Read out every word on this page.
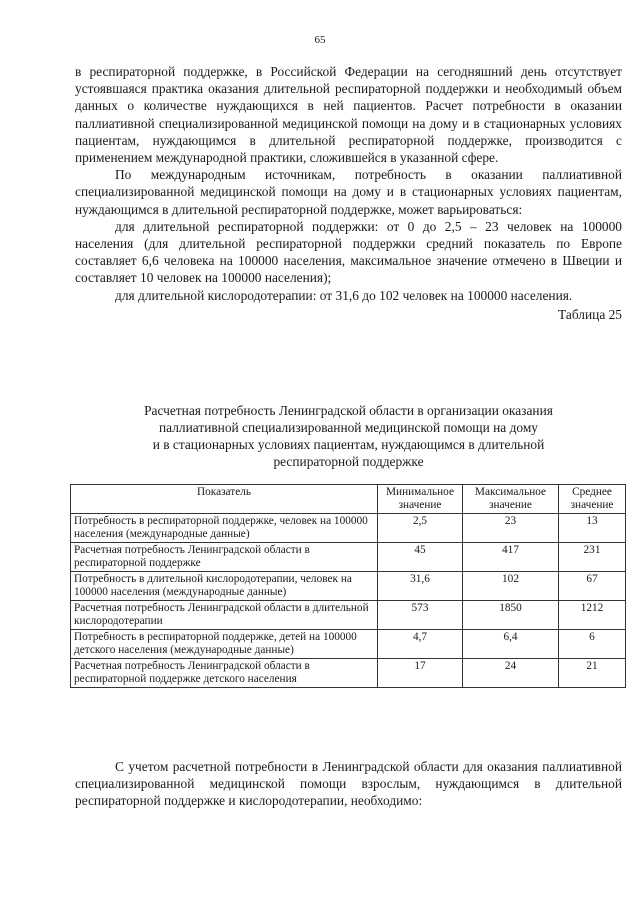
65

в респираторной поддержке, в Российской Федерации на сегодняшний день отсутствует устоявшаяся практика оказания длительной респираторной поддержки и необходимый объем данных о количестве нуждающихся в ней пациентов. Расчет потребности в оказании паллиативной специализированной медицинской помощи на дому и в стационарных условиях пациентам, нуждающимся в длительной респираторной поддержке, производится с применением международной практики, сложившейся в указанной сфере.

По международным источникам, потребность в оказании паллиативной специализированной медицинской помощи на дому и в стационарных условиях пациентам, нуждающимся в длительной респираторной поддержке, может варьироваться:

для длительной респираторной поддержки: от 0 до 2,5 – 23 человек на 100000 населения (для длительной респираторной поддержки средний показатель по Европе составляет 6,6 человека на 100000 населения, максимальное значение отмечено в Швеции и составляет 10 человек на 100000 населения);

для длительной кислородотерапии: от 31,6 до 102 человек на 100000 населения.

Таблица 25

Расчетная потребность Ленинградской области в организации оказания
паллиативной специализированной медицинской помощи на дому
и в стационарных условиях пациентам, нуждающимся в длительной
респираторной поддержке
Показатель	Минимальное значение	Максимальное значение	Среднее значение
Потребность в респираторной поддержке, человек на 100000 населения (международные данные)	2,5	23	13
Расчетная потребность Ленинградской области в респираторной поддержке	45	417	231
Потребность в длительной кислородотерапии, человек на 100000 населения (международные данные)	31,6	102	67
Расчетная потребность Ленинградской области в длительной кислородотерапии	573	1850	1212
Потребность в респираторной поддержке, детей на 100000 детского населения (международные данные)	4,7	6,4	6
Расчетная потребность Ленинградской области в респираторной поддержке детского населения	17	24	21

С учетом расчетной потребности в Ленинградской области для оказания паллиативной специализированной медицинской помощи взрослым, нуждающимся в длительной респираторной поддержке и кислородотерапии, необходимо:
